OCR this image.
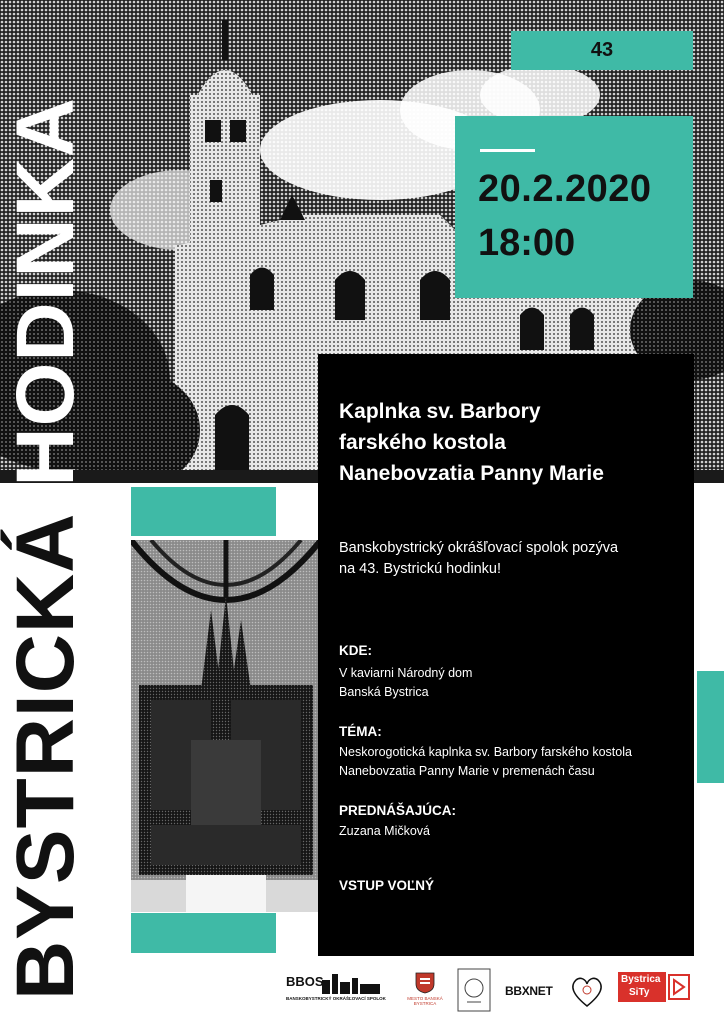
BYSTRICKÁHODINKA
43
20.2.2020
18:00
Kaplnka sv. Barbory
farského kostola
Nanebovzatia Panny Marie
Banskobystrický okrášľovací spolok pozýva
na 43. Bystrickú hodinku!
KDE:
V kaviarni Národný dom
Banská Bystrica
TÉMA:
Neskorogotická kaplnka sv. Barbory farského kostola
Nanebovzatia Panny Marie v premenách času
PREDNÁŠAJÚCA:
Zuzana Mičková
VSTUP VOĽNÝ
BBOS
BANSKOBYSTRICKÝ OKRÁŠĽOVACÍ SPOLOK	MESTO BANSKÁ BYSTRICA
BBXNET
Bystrica
SiTy
